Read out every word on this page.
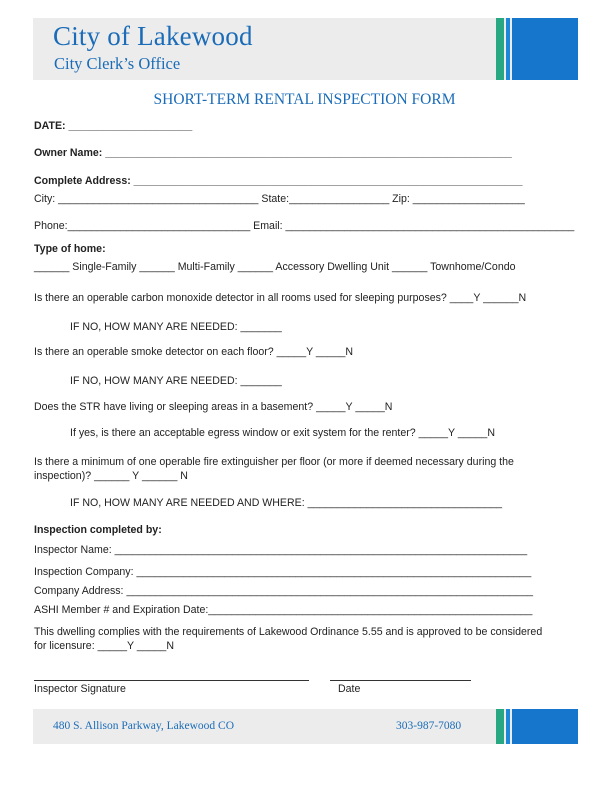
City of Lakewood
City Clerk’s Office
SHORT-TERM RENTAL INSPECTION FORM
DATE: _____________________
Owner Name: _____________________________________________________________________
Complete Address: __________________________________________________________________
City: __________________________________ State:_________________ Zip: ___________________
Phone:_______________________________ Email: _________________________________________________
Type of home:
______ Single-Family ______ Multi-Family ______ Accessory Dwelling Unit ______ Townhome/Condo
Is there an operable carbon monoxide detector in all rooms used for sleeping purposes? ____Y ______N
IF NO, HOW MANY ARE NEEDED: _______
Is there an operable smoke detector on each floor? _____Y _____N
IF NO, HOW MANY ARE NEEDED: _______
Does the STR have living or sleeping areas in a basement? _____Y _____N
If yes, is there an acceptable egress window or exit system for the renter? _____Y _____N
Is there a minimum of one operable fire extinguisher per floor (or more if deemed necessary during the
inspection)? ______ Y ______ N
IF NO, HOW MANY ARE NEEDED AND WHERE: _________________________________
Inspection completed by:
Inspector Name: ______________________________________________________________________
Inspection Company: ___________________________________________________________________
Company Address: _____________________________________________________________________
ASHI Member # and Expiration Date:_______________________________________________________
This dwelling complies with the requirements of Lakewood Ordinance 5.55 and is approved to be considered
for licensure: _____Y _____N
Inspector Signature	Date
480 S. Allison Parkway, Lakewood CO	303-987-7080
